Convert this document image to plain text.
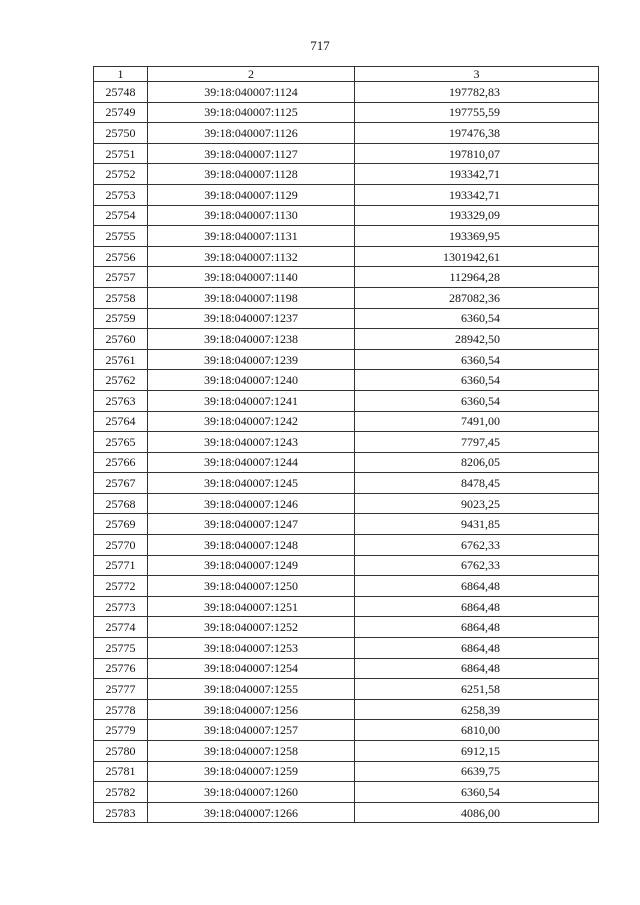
717
1	2	3
25748	39:18:040007:1124	197782,83
25749	39:18:040007:1125	197755,59
25750	39:18:040007:1126	197476,38
25751	39:18:040007:1127	197810,07
25752	39:18:040007:1128	193342,71
25753	39:18:040007:1129	193342,71
25754	39:18:040007:1130	193329,09
25755	39:18:040007:1131	193369,95
25756	39:18:040007:1132	1301942,61
25757	39:18:040007:1140	112964,28
25758	39:18:040007:1198	287082,36
25759	39:18:040007:1237	6360,54
25760	39:18:040007:1238	28942,50
25761	39:18:040007:1239	6360,54
25762	39:18:040007:1240	6360,54
25763	39:18:040007:1241	6360,54
25764	39:18:040007:1242	7491,00
25765	39:18:040007:1243	7797,45
25766	39:18:040007:1244	8206,05
25767	39:18:040007:1245	8478,45
25768	39:18:040007:1246	9023,25
25769	39:18:040007:1247	9431,85
25770	39:18:040007:1248	6762,33
25771	39:18:040007:1249	6762,33
25772	39:18:040007:1250	6864,48
25773	39:18:040007:1251	6864,48
25774	39:18:040007:1252	6864,48
25775	39:18:040007:1253	6864,48
25776	39:18:040007:1254	6864,48
25777	39:18:040007:1255	6251,58
25778	39:18:040007:1256	6258,39
25779	39:18:040007:1257	6810,00
25780	39:18:040007:1258	6912,15
25781	39:18:040007:1259	6639,75
25782	39:18:040007:1260	6360,54
25783	39:18:040007:1266	4086,00
